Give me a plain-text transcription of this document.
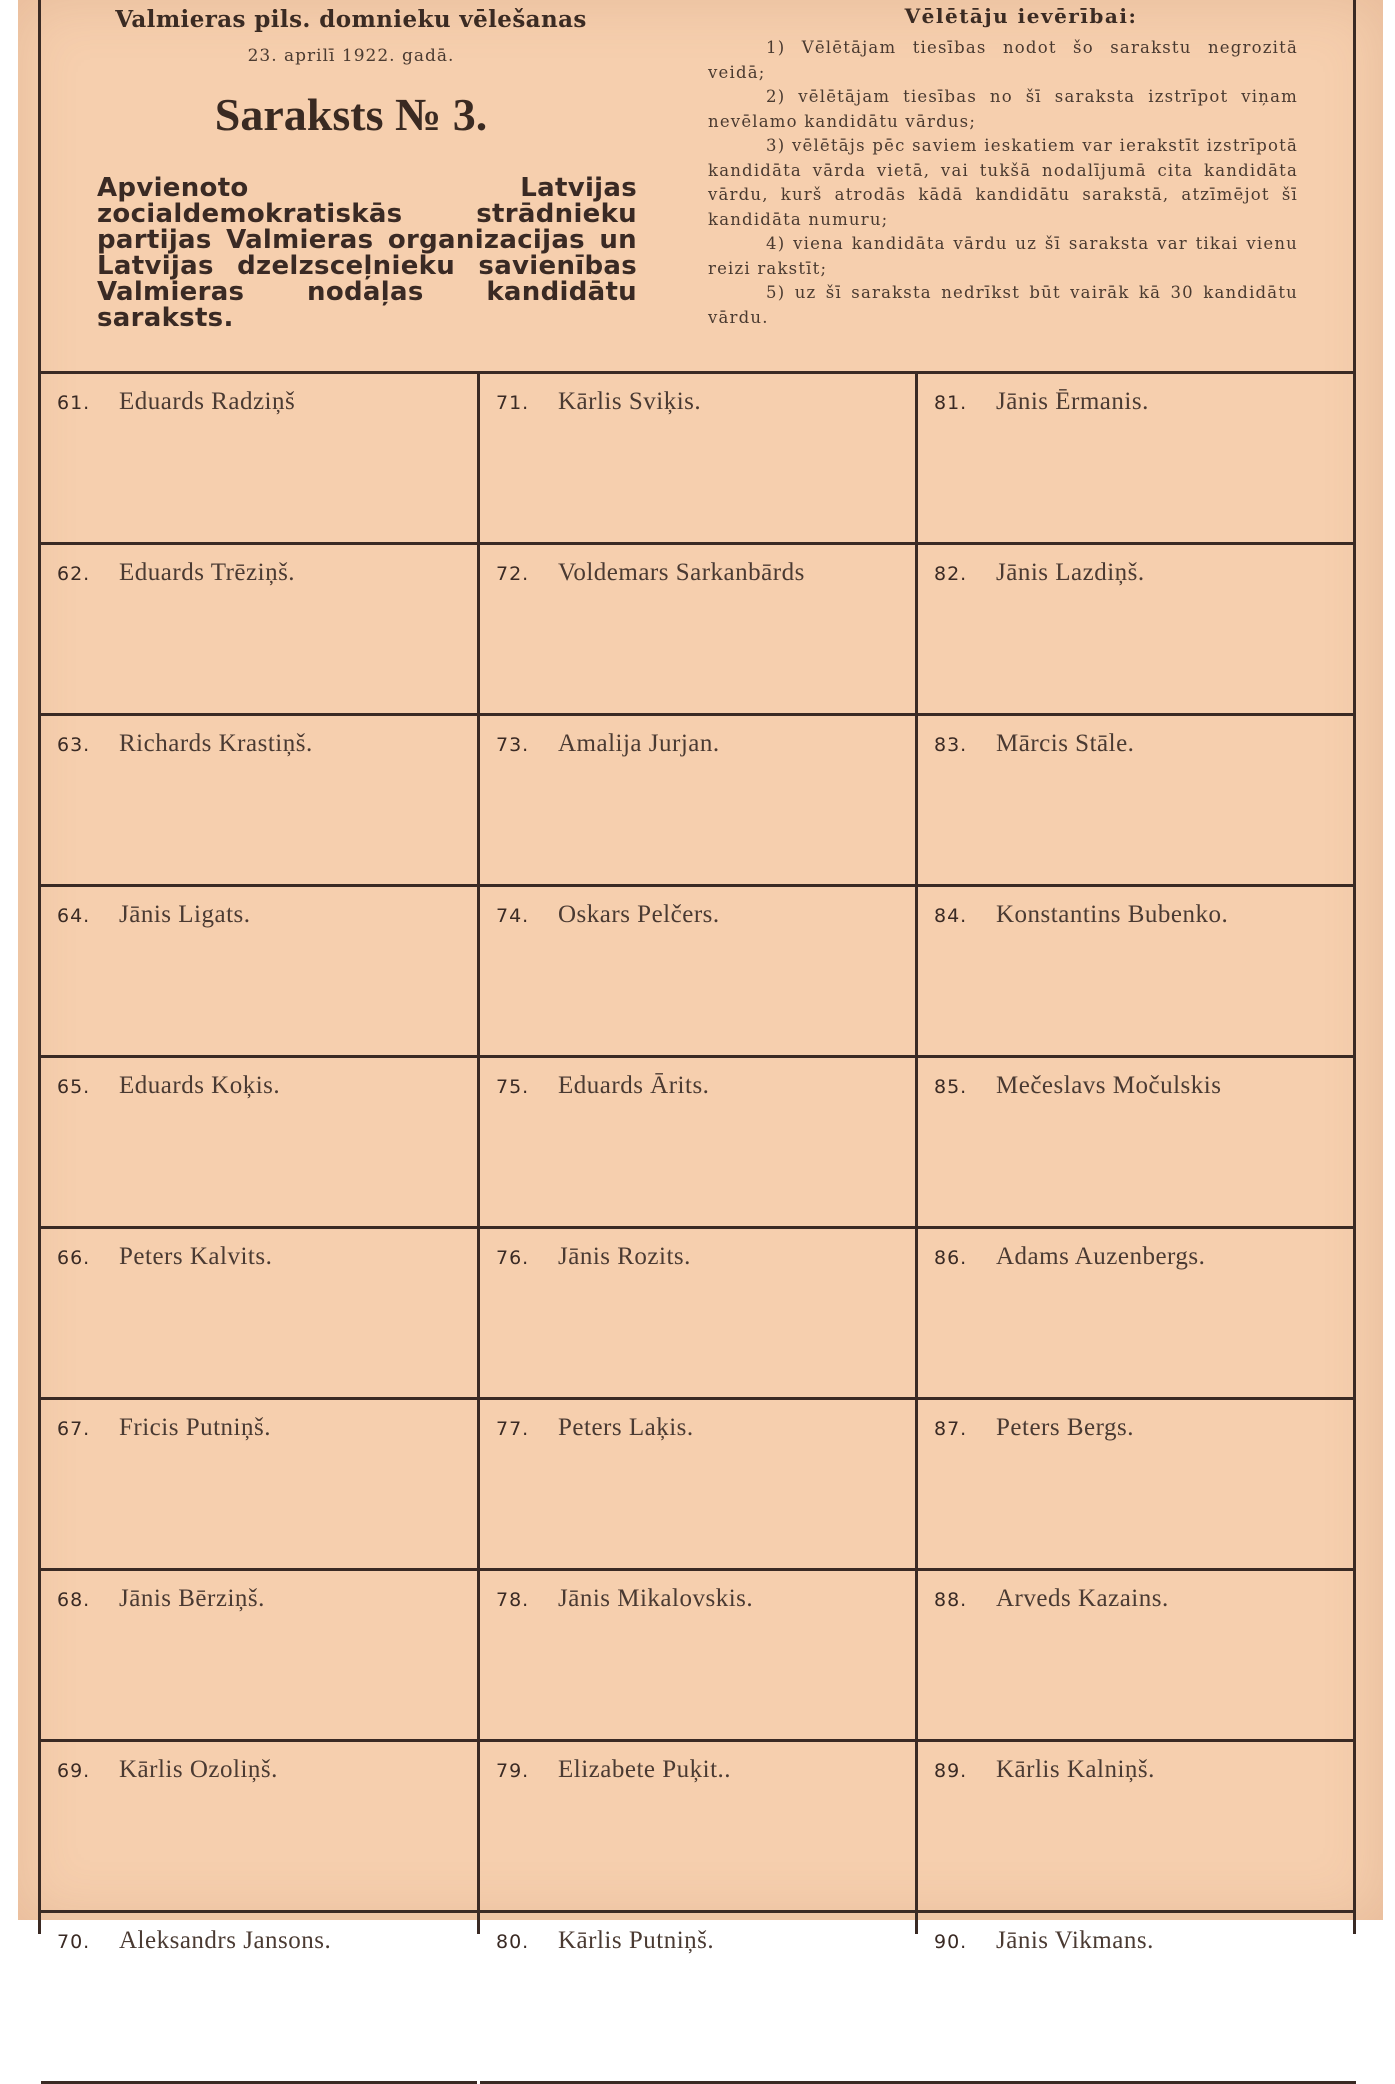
Valmieras pils. domnieku vēlešanas
23. aprilī 1922. gadā.
Saraksts № 3.
Apvienoto Latvijas zocialdemokratiskās strādnieku partijas Valmieras organizacijas un Latvijas dzelzsceļnieku savienības Valmieras nodaļas kandidātu saraksts.
Vēlētāju ievērībai:

1) Vēlētājam tiesības nodot šo sarakstu negrozitā veidā;

2) vēlētājam tiesības no šī saraksta izstrīpot viņam nevēlamo kandidātu vārdus;

3) vēlētājs pēc saviem ieskatiem var ierakstīt izstrīpotā kandidāta vārda vietā, vai tukšā nodalījumā cita kandidāta vārdu, kurš atrodās kādā kandidātu sarakstā, atzīmējot šī kandidāta numuru;

4) viena kandidāta vārdu uz šī saraksta var tikai vienu reizi rakstīt;

5) uz šī saraksta nedrīkst būt vairāk kā 30 kandidātu vārdu.

61. Eduards Radziņš
62. Eduards Trēziņš.
63. Richards Krastiņš.
64. Jānis Ligats.
65. Eduards Koķis.
66. Peters Kalvits.
67. Fricis Putniņš.
68. Jānis Bērziņš.
69. Kārlis Ozoliņš.
70. Aleksandrs Jansons.
71. Kārlis Sviķis.
72. Voldemars Sarkanbārds
73. Amalija Jurjan.
74. Oskars Pelčers.
75. Eduards Ārits.
76. Jānis Rozits.
77. Peters Laķis.
78. Jānis Mikalovskis.
79. Elizabete Puķit..
80. Kārlis Putniņš.
81. Jānis Ērmanis.
82. Jānis Lazdiņš.
83. Mārcis Stāle.
84. Konstantins Bubenko.
85. Mečeslavs Močulskis
86. Adams Auzenbergs.
87. Peters Bergs.
88. Arveds Kazains.
89. Kārlis Kalniņš.
90. Jānis Vikmans.
